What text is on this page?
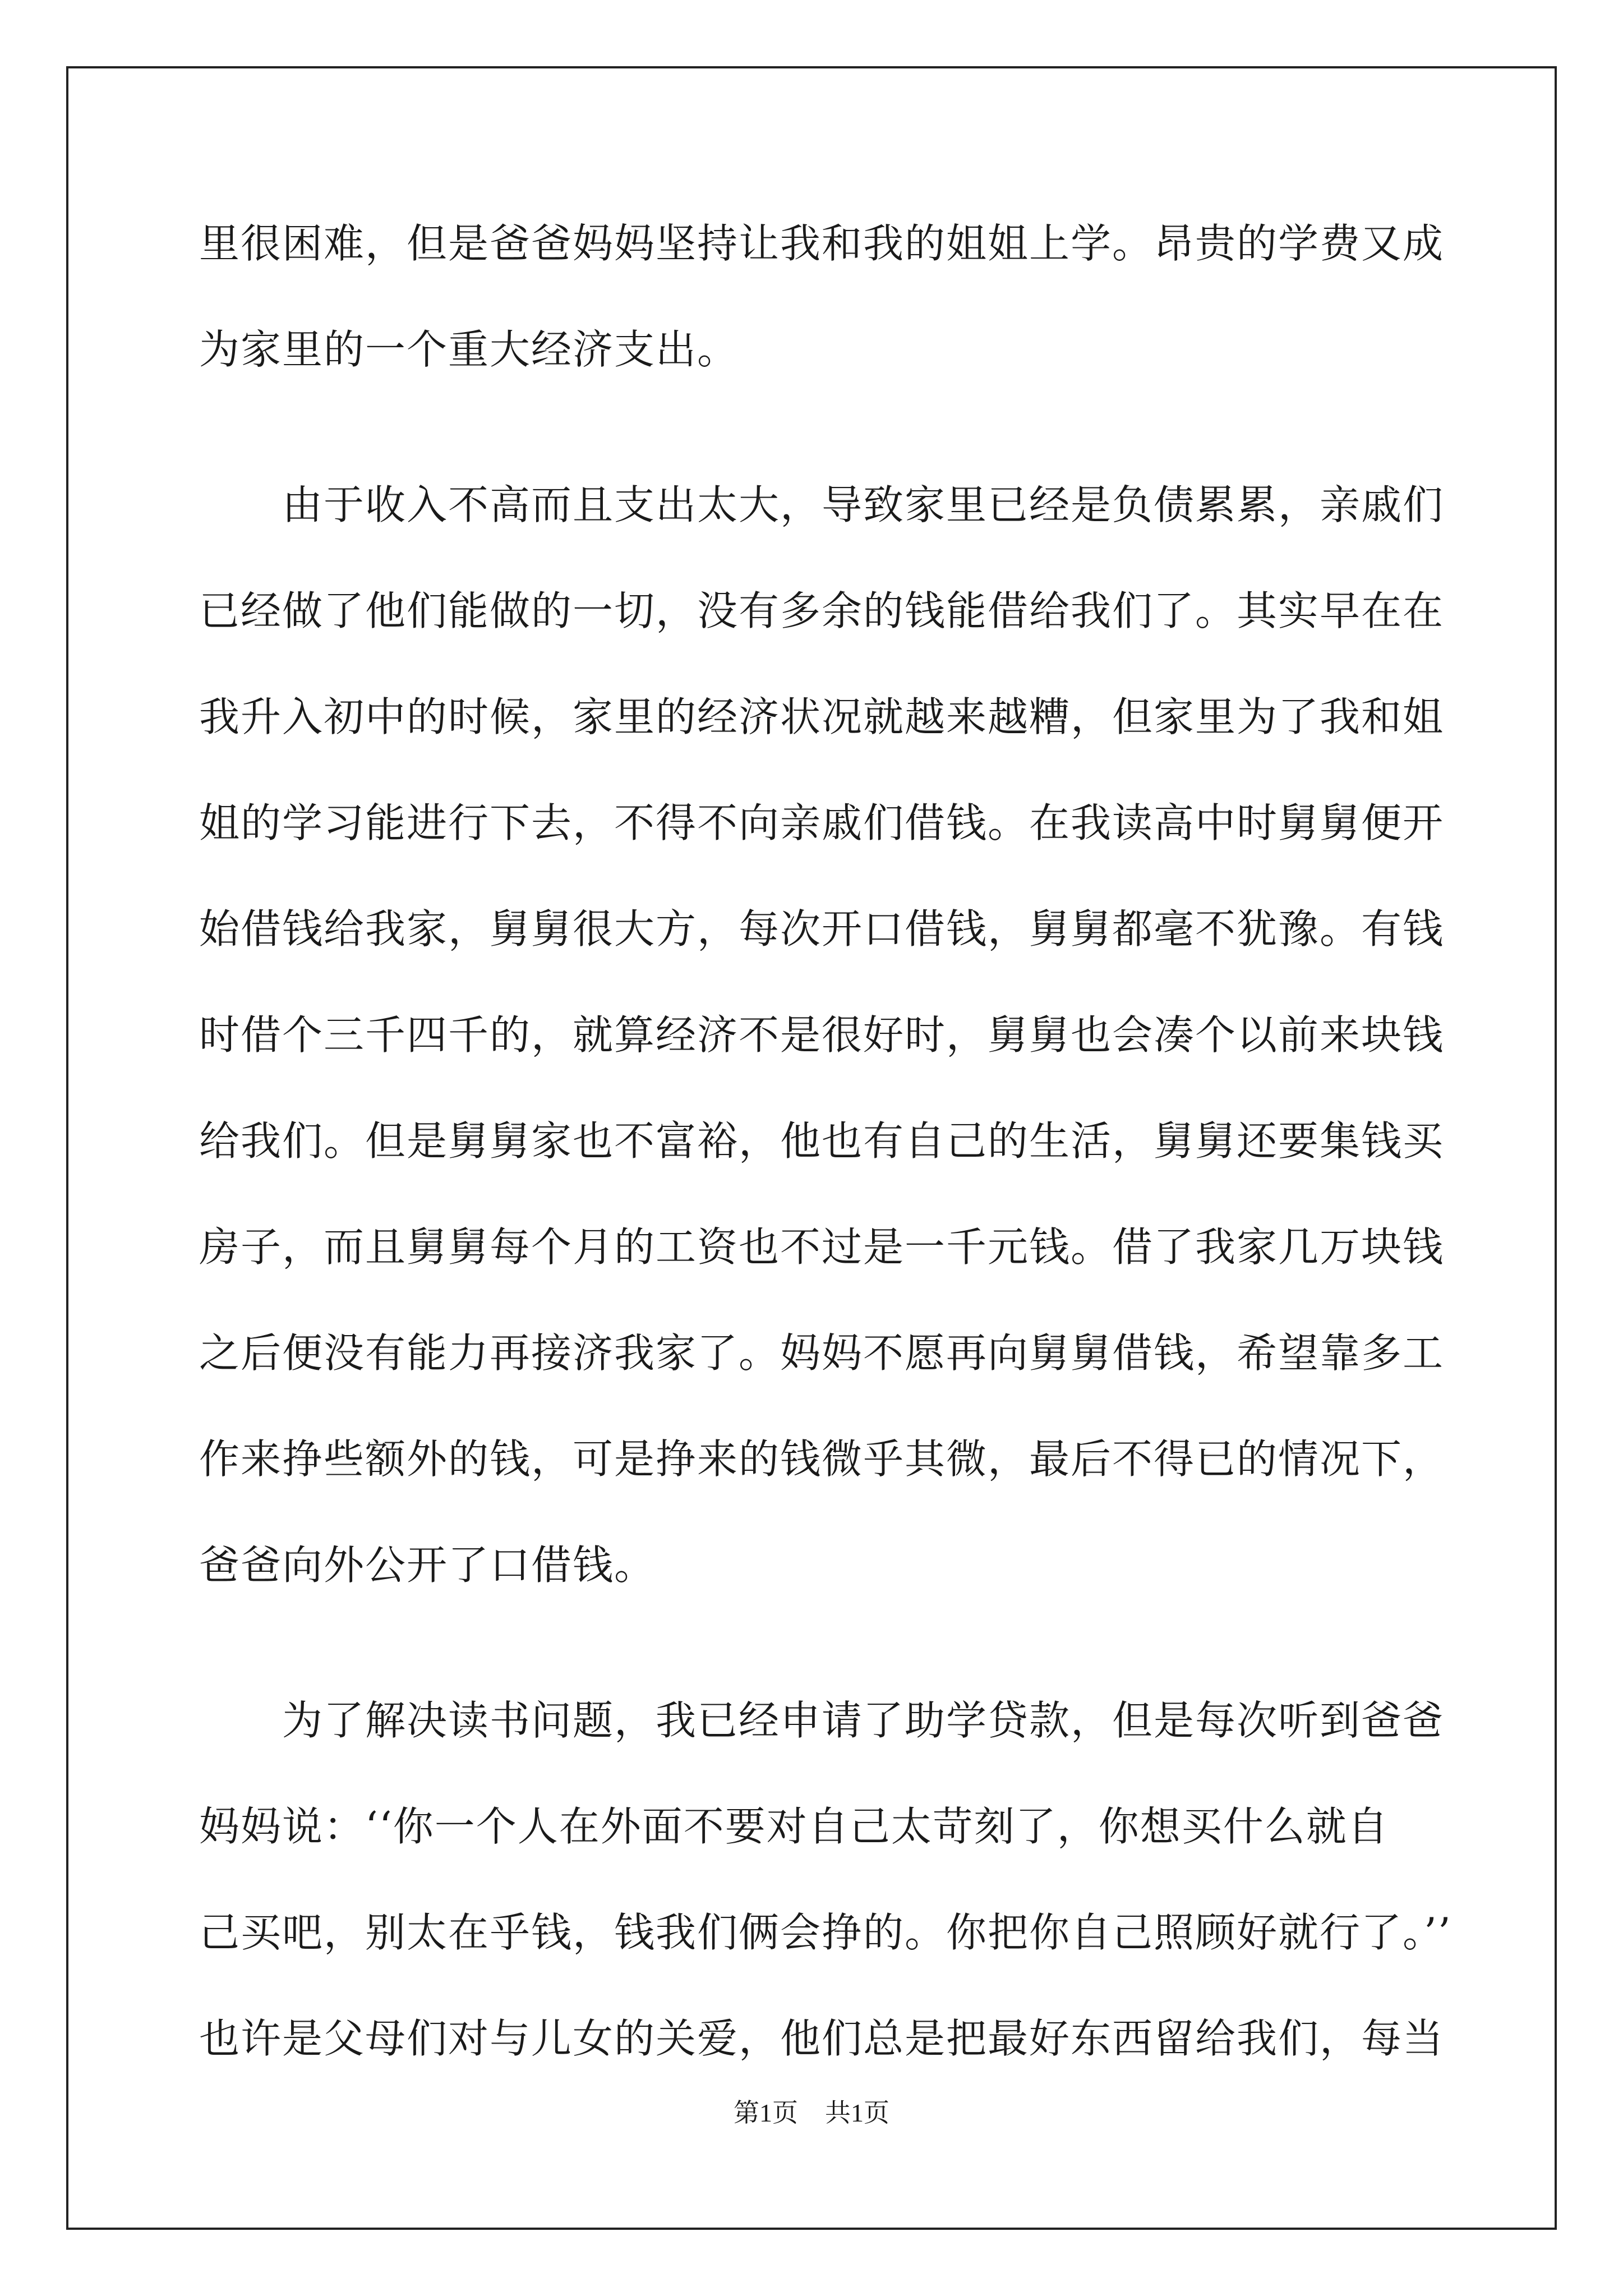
里很困难，但是爸爸妈妈坚持让我和我的姐姐上学。昂贵的学费又成
为家里的一个重大经济支出。
　　由于收入不高而且支出太大，导致家里已经是负债累累，亲戚们
已经做了他们能做的一切，没有多余的钱能借给我们了。其实早在在
我升入初中的时候，家里的经济状况就越来越糟，但家里为了我和姐
姐的学习能进行下去，不得不向亲戚们借钱。在我读高中时舅舅便开
始借钱给我家，舅舅很大方，每次开口借钱，舅舅都毫不犹豫。有钱
时借个三千四千的，就算经济不是很好时，舅舅也会凑个以前来块钱
给我们。但是舅舅家也不富裕，他也有自己的生活，舅舅还要集钱买
房子，而且舅舅每个月的工资也不过是一千元钱。借了我家几万块钱
之后便没有能力再接济我家了。妈妈不愿再向舅舅借钱，希望靠多工
作来挣些额外的钱，可是挣来的钱微乎其微，最后不得已的情况下，
爸爸向外公开了口借钱。
　　为了解决读书问题，我已经申请了助学贷款，但是每次听到爸爸
妈妈说：‘‘你一个人在外面不要对自己太苛刻了，你想买什么就自
己买吧，别太在乎钱，钱我们俩会挣的。你把你自己照顾好就行了。’’
也许是父母们对与儿女的关爱，他们总是把最好东西留给我们，每当
第1页 共1页
